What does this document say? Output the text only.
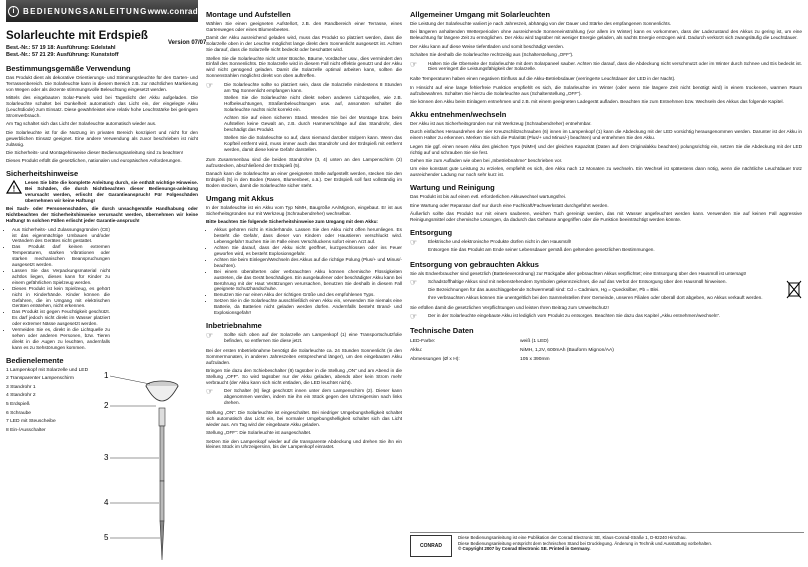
i	BEDIENUNGSANLEITUNG www.conrad.com
Solarleuchte mit Erdspieß
Best.-Nr.: 57 19 18: Ausführung: Edelstahl
Best.-Nr.: 57 21 29: Ausführung: Kunststoff
Bestimmungsgemäße Verwendung

Das Produkt dient als dekorative Orientierungs- und Stimmungsleuchte für den Garten- und Terrassenbereich. Die Solarleuchte kann in diesem Bereich z.B. zur nächtlichen Markierung von Wegen oder als dezente stimmungsvolle Beleuchtung eingesetzt werden.

Mittels des eingebauten Solar-Panels wird bei Tageslicht der Akku aufgeladen. Die Solarleuchte schaltet bei Dunkelheit automatisch das Licht ein, der eingelegte Akku (Leuchtdiode) zum Einsatz. Diese gewährleistet eine relativ hohe Leuchtstärke bei geringem Stromverbrauch.

Am Tag schaltet sich das Licht der Solarleuchte automatisch wieder aus.

Die Solarleuchte ist für die Nutzung im privaten Bereich konzipiert und nicht für den gewerblichen Einsatz geeignet. Eine andere Verwendung als zuvor beschrieben ist nicht zulässig.

Die Sicherheits- und Montagehinweise dieser Bedienungsanleitung sind zu beachten!

Dieses Produkt erfüllt die gesetzlichen, nationalen und europäischen Anforderungen.

Sicherheitshinweise
!

Lesen Sie bitte die komplette Anleitung durch, sie enthält wichtige Hinweise. Bei Schäden, die durch Nichtbeachten dieser Bedienungs-anleitung verursacht werden, erlischt der Garantieanspruch! Für Folgeschäden übernehmen wir keine Haftung!

Bei Sach- oder Personenschäden, die durch unsachgemäße Handhabung oder Nichtbeachten der Sicherheitshinweise verursacht werden, übernehmen wir keine Haftung! In solchen Fällen erlischt jeder Garantie-anspruch!

• Aus Sicherheits- und Zulassungsgründen (CE) ist das eigenmächtige Umbauen und/oder Verändern des Gerätes nicht gestattet.
• Das Produkt darf keinen extremen Temperaturen, starken Vibrationen oder starken mechanischen Beanspruchungen ausgesetzt werden.
• Lassen Sie das Verpackungsmaterial nicht achtlos liegen, dieses kann für Kinder zu einem gefährlichen Spielzeug werden.
• Dieses Produkt ist kein Spielzeug, es gehört nicht in Kinderhände. Kinder können die Gefahren, die im Umgang mit elektrischen Geräten entstehen, nicht erkennen.
• Das Produkt ist gegen Feuchtigkeit geschützt. Es darf jedoch nicht direkt im Wasser platziert oder extremer Nässe ausgesetzt werden.
• Vermeiden Sie es, direkt in die Lichtquelle zu sehen oder anderen Personen, bzw. Tieren direkt in die Augen zu leuchten, andernfalls kann es zu Sehstörungen kommen.
Bedienelemente
1 Lampenkopf mit Solarzelle und LED
2 Transparenter Lampenschirm
3 Standrohr 1
4 Standrohr 2
5 Erdspieß
6 Schraube
7 LED mit Steuscheibe
8 Ein-/Ausschalter
Version 07/07
1
2
3
4
5
Montage und Aufstellen

Wählen Sie einen geeigneten Aufstellort, z.B. den Randbereich einer Terrasse, eines Gartenweges oder eines Blumenbeetes.

Damit der Akku ausreichend geladen wird, muss das Produkt so platziert werden, dass die Solarzelle oben in der Leuchte möglichst lange direkt dem Sonnenlicht ausgesetzt ist. Achten Sie darauf, dass die Solarzelle nicht bedeckt oder beschattet wird.

Stellen Sie die Solarleuchte nicht unter Büsche, Bäume, Vordächer usw., dies vermindert den Einfall des Sonnenlichts. Die Solarzelle wird in diesem Fall nicht effektiv genutzt und der Akku wird nicht genügend geladen. Damit die Solarzelle optimal arbeiten kann, sollten die Sonnenstrahlen möglichst direkt von oben auftreffen.

☞	Die Solarleuchte sollte so platziert sein, dass die Solarzelle mindestens 8 Stunden am Tag Sonnenlicht empfangen kann.

Stellen Sie die Solarleuchte nicht direkt neben anderen Lichtquellen, wie z.B. Hofbeleuchtungen, Straßenbeleuchtungen usw. auf, ansonsten schaltet die Solarleuchte nachts nicht korrekt ein.

Achten Sie auf einen sicheren Stand. Wenden Sie bei der Montage bzw. beim Aufstellen keine Gewalt an, z.B. durch Hammerschläge auf das Standrohr, dies beschädigt das Produkt.

Stellen Sie die Solarleuchte so auf, dass niemand darüber stolpern kann. Wenn das Kopfteil entfernt wird, muss immer auch das Standrohr und der Erdspieß mit entfernt werden, damit diese keine Gefahr darstellen.

Zum Zusammenbau sind die beiden Standrohre (3, 4) unten an den Lampenschirm (2) aufzustecken, abschließend der Erdspieß (5).

Danach kann die Solarleuchte an einer geeigneten Stelle aufgestellt werden, stecken Sie den Erdspieß (5) in den Boden (Rasen, Blumenbeet, o.ä.). Der Erdspieß soll fast vollständig im Boden stecken, damit die Solarleuchte sicher steht.

Umgang mit Akkus

In der Solarleuchte ist ein Akku vom Typ NiMH, Baugröße AA/Mignon, eingebaut. Er ist aus Sicherheitsgründen nur mit Werkzeug (Schraubendreher) wechselbar.

Bitte beachten Sie folgende Sicherheitshinweise zum Umgang mit dem Akku:

• Akkus gehören nicht in Kinderhände. Lassen Sie den Akku nicht offen herumliegen. Es besteht die Gefahr, dass dieser von Kindern oder Haustieren verschluckt wird. Lebensgefahr! Suchen Sie im Falle eines Verschluckens sofort einen Arzt auf.
• Achten Sie darauf, dass der Akku nicht geöffnet, kurzgeschlossen oder ins Feuer geworfen wird, es besteht Explosionsgefahr.
• Achten Sie beim Einlegen/Wechseln des Akkus auf die richtige Polung (Plus/+ und Minus/- beachten).
• Bei einem überalterten oder verbrauchten Akku können chemische Flüssigkeiten austreten, die das Gerät beschädigen. Ein ausgelaufener oder beschädigter Akku kann bei Berührung mit der Haut Verätzungen verursachen, benutzen Sie deshalb in diesem Fall geeignete Schutzhandschuhe.
• Benutzen Sie nur einen Akku der richtigen Größe und des empfohlenen Typs.
• Setzen Sie in die Solarleuchte ausschließlich einen Akku ein, verwenden Sie niemals eine Batterie, da Batterien nicht geladen werden dürfen. Andernfalls besteht Brand- und Explosionsgefahr!
Inbetriebnahme
☞	Sollte sich oben auf der Solarzelle am Lampenkopf (1) eine Transportschutzfolie befinden, so entfernen Sie diese jetzt.

Bei der ersten Inbetriebnahme benötigt die Solarleuchte ca. 24 Stunden Sonnenlicht (in den Sommermonaten, in anderen Jahreszeiten entsprechend länger), um den eingebauten Akku aufzuladen.

Bringen Sie dazu den Schiebeschalter (8) tagsüber in die Stellung „ON“ und am Abend in die Stellung „OFF“. So wird tagsüber nur der Akku geladen, abends aber kein Strom mehr verbraucht (der Akku kann sich nicht entladen, die LED leuchtet nicht).

☞	Der Schalter (8) liegt geschützt innen unter dem Lampenschirm (2). Dieser kann abgenommen werden, indem Sie ihn ein Stück gegen den Uhrzeigersinn nach links drehen.

Stellung „ON“: Die Solarleuchte ist eingeschaltet. Bei niedriger Umgebungshelligkeit schaltet sich automatisch das Licht ein, bei normaler Umgebungshelligkeit schaltet sich das Licht wieder aus. Am Tag wird der eingebaute Akku geladen.

Stellung „OFF“: Die Solarleuchte ist ausgeschaltet.

Setzen Sie den Lampenkopf wieder auf die transparente Abdeckung und drehen Sie ihn ein kleines Stück im Uhrzeigersinn, bis der Lampenkopf einrastet.

Allgemeiner Umgang mit Solarleuchten

Die Leistung der Solarleuchte variiert je nach Jahreszeit, abhängig von der Dauer und Stärke des empfangenen Sonnenlichts.

Bei längeren anhaltenden Wetterperioden ohne ausreichende Sonneneinstrahlung (vor allem im Winter) kann es vorkommen, dass der Ladezustand des Akkus zu gering ist, um eine Beleuchtung für längere Zeit zu ermöglichen. Der Akku wird tagsüber mit weniger Energie geladen, als nachts Energie entzogen wird. Dadurch verkürzt sich zwangsläufig die Leuchtdauer.

Der Akku kann auf diese Weise tiefentladen und somit beschädigt werden.

Schalten Sie deshalb die Solarleuchte rechtzeitig aus (Schalterstellung „OFF“).

☞	Halten Sie die Oberseite der Solarleuchte mit dem Solarpaneel sauber. Achten Sie darauf, dass die Abdeckung nicht verschmutzt oder im Winter durch Schnee und Eis bedeckt ist. Dies verringert die Leistungsfähigkeit der Solarzelle.

Kalte Temperaturen haben einen negativen Einfluss auf die Akku-Betriebsdauer (verringerte Leuchtdauer der LED in der Nacht).

In Hinsicht auf eine lange fehlerfreie Funktion empfiehlt es sich, die Solarleuchte im Winter (oder wenn Sie längere Zeit nicht benötigt wird) in einem trockenen, warmen Raum aufzubewahren. Schalten Sie hierzu die Solarleuchte aus (Schalterstellung „OFF“).

Sie können den Akku beim Einlagern entnehmen und z.B. mit einem geeigneten Ladegerät aufladen. Beachten Sie zum Entnehmen bzw. Wechseln des Akkus das folgende Kapitel.

Akku entnehmen/wechseln

Der Akku ist aus Sicherheitsgründen nur mit Werkzeug (Schraubendreher) entnehmbar.

Durch einfaches Herausdrehen der vier Kreuzschlitzschrauben (6) innen im Lampenkopf (1) kann die Abdeckung mit der LED vorsichtig herausgenommen werden. Darunter ist der Akku in einem Halter zu erkennen. Merken Sie sich die Polarität (Plus/+ und Minus/-) beachten) und entnehmen Sie den Akku.

Legen Sie ggf. einen neuen Akku des gleichen Typs (NiMH) und der gleichen Kapazität (Daten auf dem Originalakku beachten) polungsrichtig ein, setzen Sie die Abdeckung mit der LED richtig auf und schrauben Sie sie fest.

Gehen Sie zum Aufladen wie oben bei „Inbetriebnahme“ beschrieben vor.

Um eine konstant gute Leistung zu erzielen, empfiehlt es sich, den Akku nach 12 Monaten zu wechseln. Ein Wechsel ist spätestens dann nötig, wenn die nächtliche Leuchtdauer trotz ausreichender Ladung nur noch sehr kurz ist.

Wartung und Reinigung

Das Produkt ist bis auf einen evtl. erforderlichen Akkuwechsel wartungsfrei.

Eine Wartung oder Reparatur darf nur durch eine Fachkraft/Fachwerkstatt durchgeführt werden.

Äußerlich sollte das Produkt nur mit einem sauberen, weichen Tuch gereinigt werden, das mit Wasser angefeuchtet werden kann. Verwenden Sie auf keinen Fall aggressive Reinigungsmittel oder chemische Lösungen, da dadurch das Gehäuse angegriffen oder die Funktion beeinträchtigt werden könnte.

Entsorgung
☞	Elektrische und elektronische Produkte dürfen nicht in den Hausmüll!

Entsorgen Sie das Produkt am Ende seiner Lebensdauer gemäß den geltenden gesetzlichen Bestimmungen.

Entsorgung von gebrauchten Akkus

Sie als Endverbraucher sind gesetzlich (Batterieverordnung) zur Rückgabe aller gebrauchten Akkus verpflichtet; eine Entsorgung über den Hausmüll ist untersagt!

☞	Schadstoffhaltige Akkus sind mit nebenstehendem Symbolen gekennzeichnet, die auf das Verbot der Entsorgung über den Hausmüll hinweisen.

Die Bezeichnungen für das ausschlaggebende Schwermetall sind: Cd = Cadmium, Hg = Quecksilber, Pb = Blei.

Ihre verbrauchten Akkus können Sie unentgeltlich bei den Sammelstellen Ihrer Gemeinde, unseren Filialen oder überall dort abgeben, wo Akkus verkauft werden.

Sie erfüllen damit die gesetzlichen Verpflichtungen und leisten Ihren Beitrag zum Umweltschutz!

☞	Der in der Solarleuchte eingebaute Akku ist lediglich vom Produkt zu entsorgen. Beachten Sie dazu das Kapitel „Akku entnehmen/wechseln“.

Technische Daten
LED-Farbe:	weiß (1 LED)
Akku:	NiMH, 1,2V, 600mAh (Bauform Mignon/AA)
Abmessungen (Ø x H):	105 x 390mm
CONRAD
Diese Bedienungsanleitung ist eine Publikation der Conrad Electronic SE, Klaus-Conrad-Straße 1, D-92240 Hirschau.
Diese Bedienungsanleitung entspricht dem technischen Stand bei Drucklegung. Änderung in Technik und Ausstattung vorbehalten.
© Copyright 2007 by Conrad Electronic SE. Printed in Germany.
